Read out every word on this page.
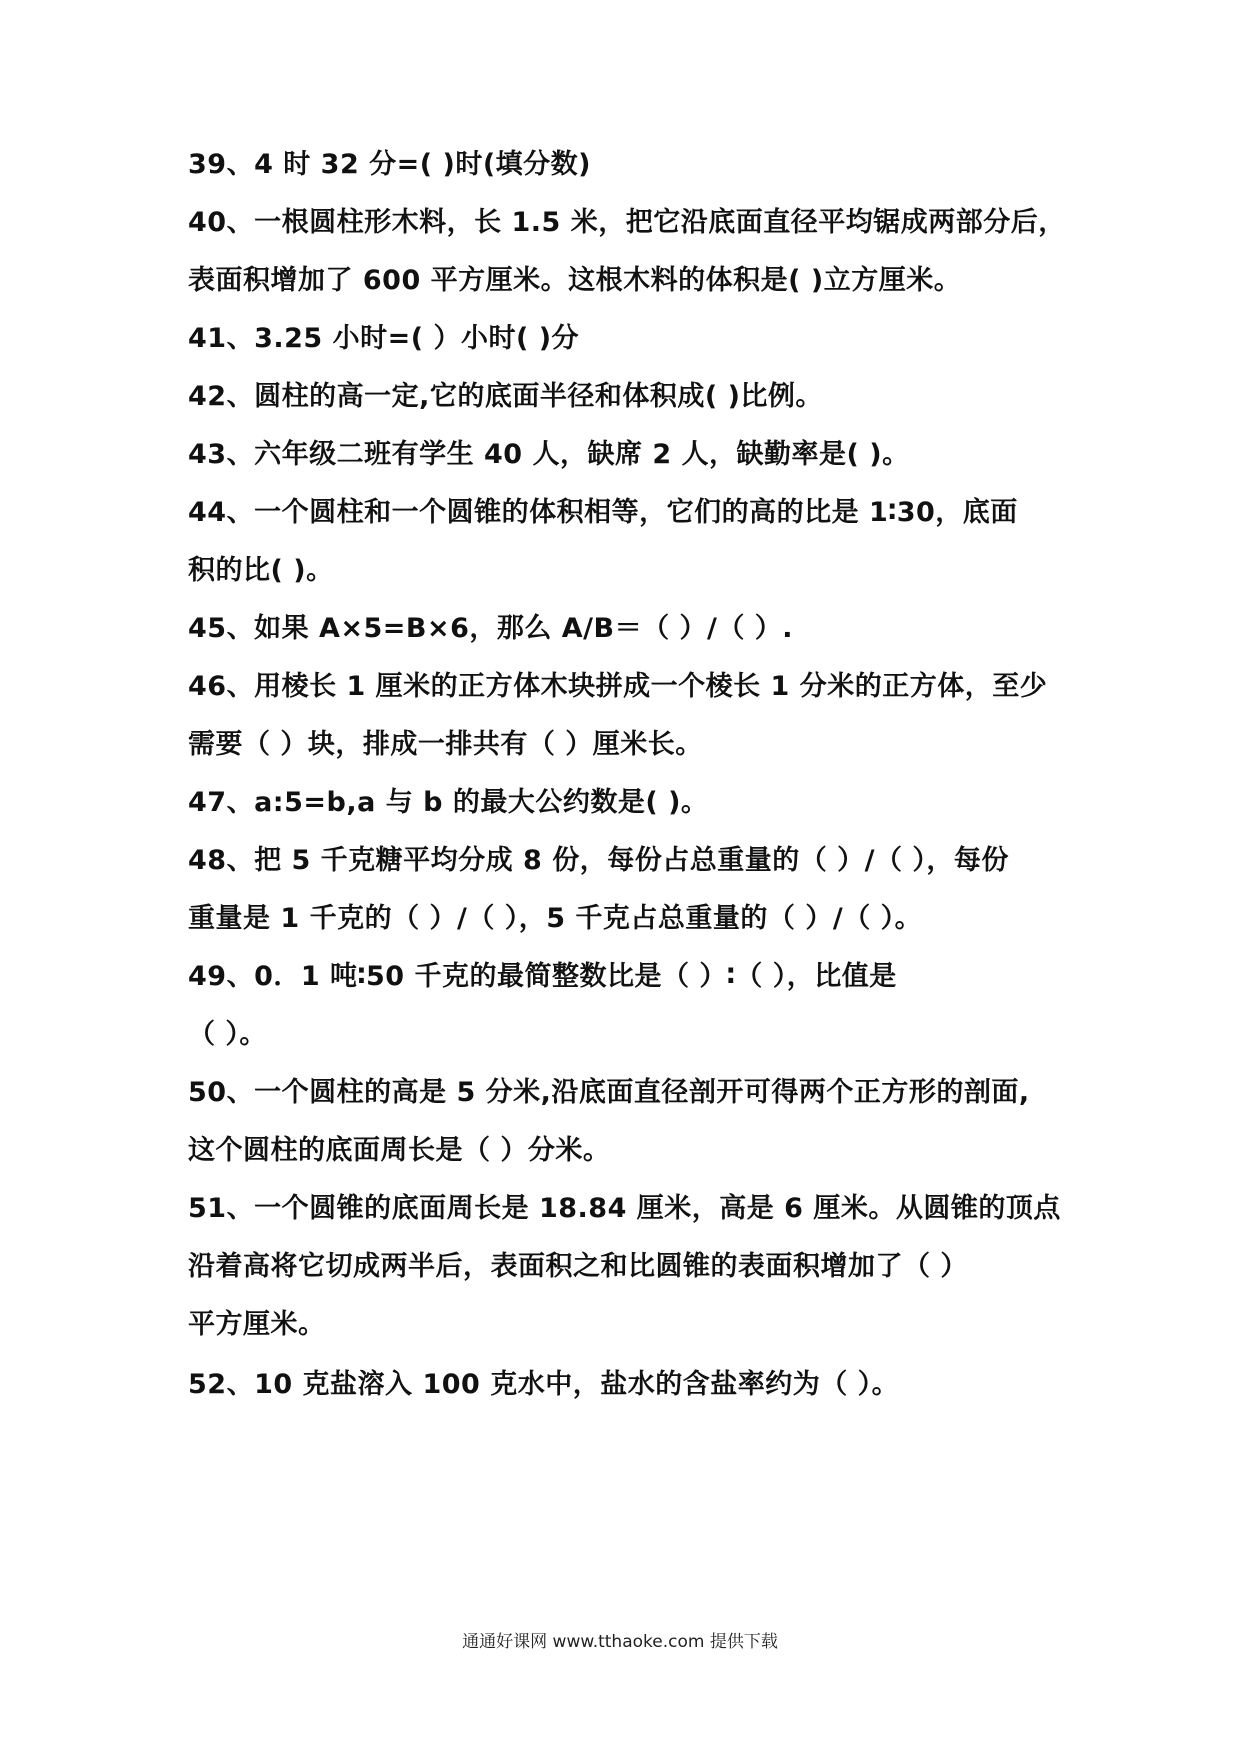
39、4 时 32 分=( )时(填分数)
40、一根圆柱形木料，长 1.5 米，把它沿底面直径平均锯成两部分后，
表面积增加了 600 平方厘米。这根木料的体积是( )立方厘米。
41、3.25 小时=( ）小时( )分
42、圆柱的高一定,它的底面半径和体积成( )比例。
43、六年级二班有学生 40 人，缺席 2 人，缺勤率是( )。
44、一个圆柱和一个圆锥的体积相等，它们的高的比是 1∶30，底面
积的比( )。
45、如果 A×5=B×6，那么 A/B＝（ ）/（ ）.
46、用棱长 1 厘米的正方体木块拼成一个棱长 1 分米的正方体，至少
需要（ ）块，排成一排共有（ ）厘米长。
47、a:5=b,a 与 b 的最大公约数是( )。
48、把 5 千克糖平均分成 8 份，每份占总重量的（ ）/（ ），每份
重量是 1 千克的（ ）/（ ），5 千克占总重量的（ ）/（ ）。
49、0．1 吨∶50 千克的最简整数比是（ ）∶（ ），比值是
（ ）。
50、一个圆柱的高是 5 分米,沿底面直径剖开可得两个正方形的剖面,
这个圆柱的底面周长是（ ）分米。
51、一个圆锥的底面周长是 18.84 厘米，高是 6 厘米。从圆锥的顶点
沿着高将它切成两半后，表面积之和比圆锥的表面积增加了（ ）
平方厘米。
52、10 克盐溶入 100 克水中，盐水的含盐率约为（ ）。
通通好课网 www.tthaoke.com 提供下载
